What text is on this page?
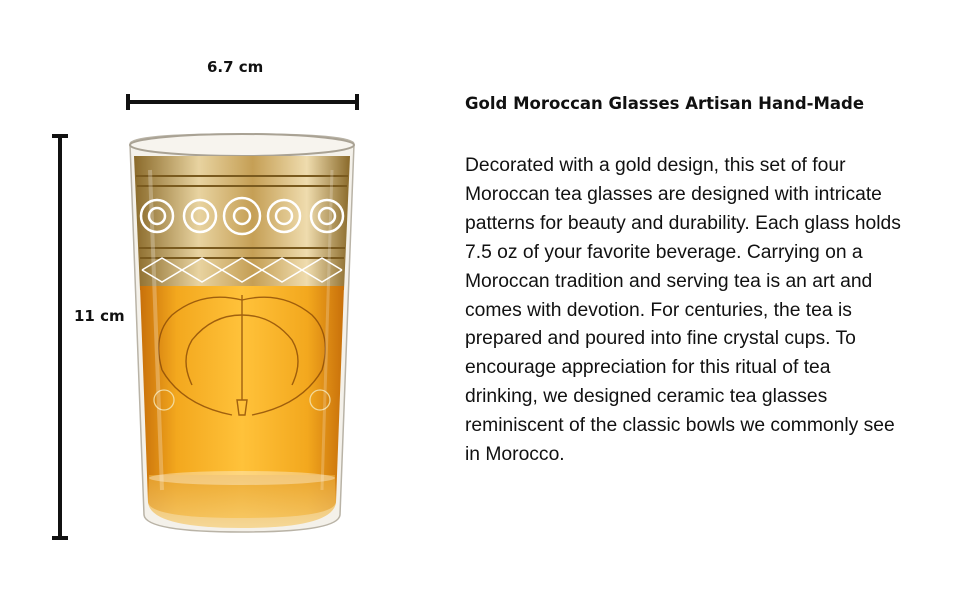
6.7 cm
11 cm
Gold Moroccan Glasses Artisan Hand-Made
Decorated with a gold design, this set of four Moroccan tea glasses are designed with intricate patterns for beauty and durability. Each glass holds 7.5 oz of your favorite beverage. Carrying on a Moroccan tradition and serving tea is an art and comes with devotion. For centuries, the tea is prepared and poured into fine crystal cups. To encourage appreciation for this ritual of tea drinking, we designed ceramic tea glasses reminiscent of the classic bowls we commonly see in Morocco.
